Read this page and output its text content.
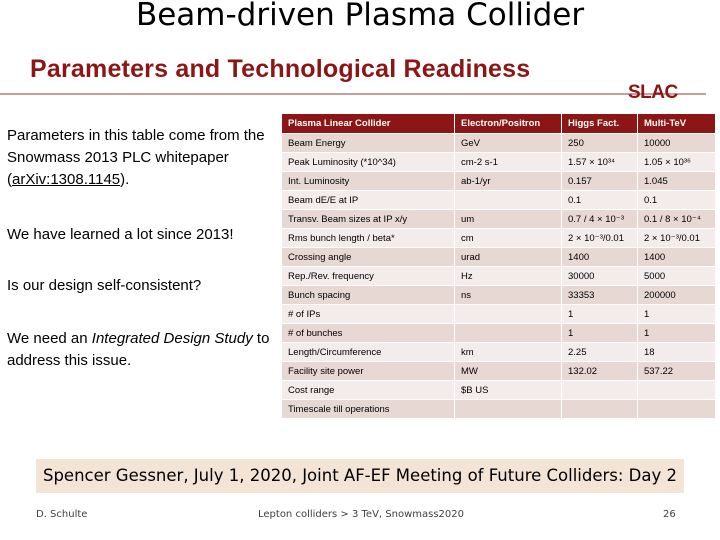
Beam-driven Plasma Collider
Parameters and Technological Readiness
SLAC
Parameters in this table come from the Snowmass 2013 PLC whitepaper (arXiv:1308.1145).
We have learned a lot since 2013!
Is our design self-consistent?
We need an Integrated Design Study to address this issue.
Plasma Linear Collider	Electron/Positron	Higgs Fact.	Multi-TeV
Beam Energy	GeV	250	10000
Peak Luminosity (*10^34)	cm-2 s-1	1.57 × 10³⁴	1.05 × 10³⁶
Int. Luminosity	ab-1/yr	0.157	1.045
Beam dE/E at IP		0.1	0.1
Transv. Beam sizes at IP x/y	um	0.7 / 4 × 10⁻³	0.1 / 8 × 10⁻⁴
Rms bunch length / beta*	cm	2 × 10⁻³/0.01	2 × 10⁻³/0.01
Crossing angle	urad	1400	1400
Rep./Rev. frequency	Hz	30000	5000
Bunch spacing	ns	33353	200000
# of IPs		1	1
# of bunches		1	1
Length/Circumference	km	2.25	18
Facility site power	MW	132.02	537.22
Cost range	$B US		
Timescale till operations			
Spencer Gessner, July 1, 2020, Joint AF-EF Meeting of Future Colliders: Day 2
D. Schulte	Lepton colliders > 3 TeV, Snowmass2020	26
